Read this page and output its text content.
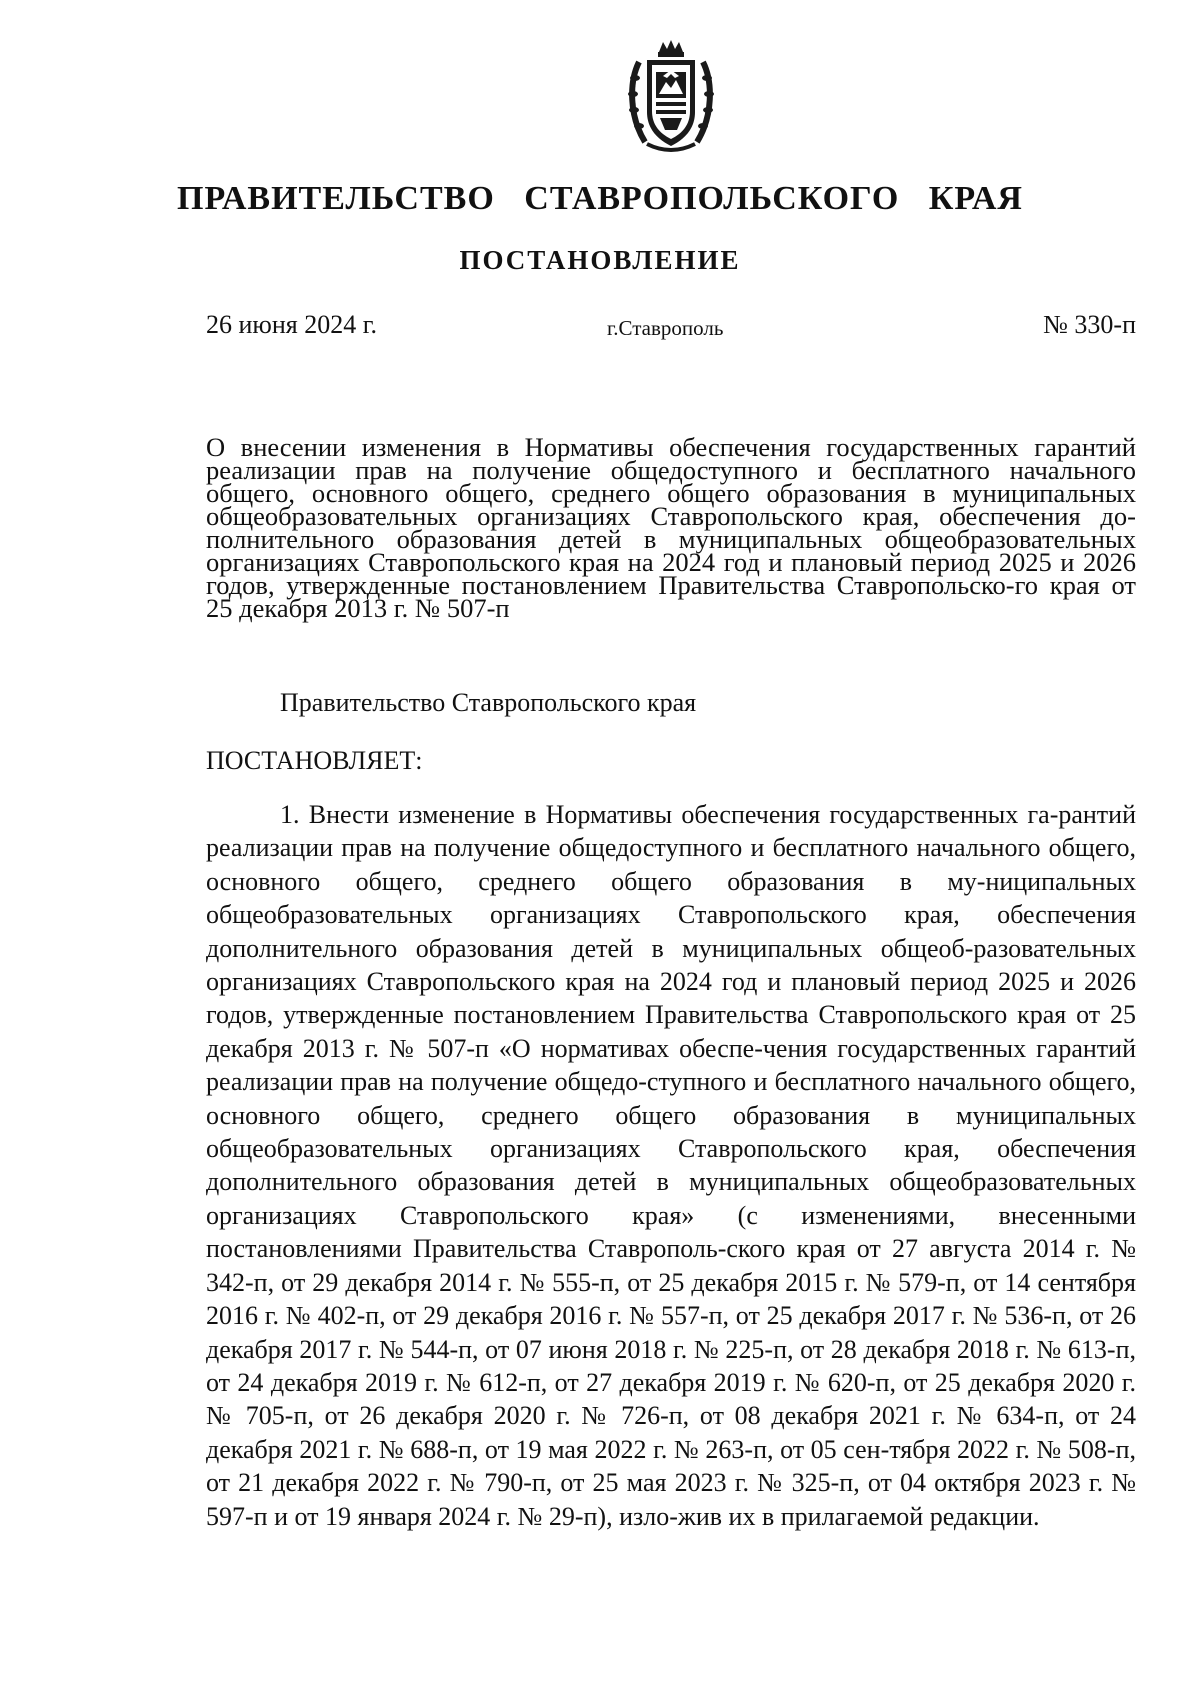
ПРАВИТЕЛЬСТВО СТАВРОПОЛЬСКОГО КРАЯ
ПОСТАНОВЛЕНИЕ
26 июня 2024 г.	г.Ставрополь	№ 330-п

О внесении изменения в Нормативы обеспечения государственных гарантий реализации прав на получение общедоступного и бесплатного начального общего, основного общего, среднего общего образования в муниципальных общеобразовательных организациях Ставропольского края, обеспечения до-полнительного образования детей в муниципальных общеобразовательных организациях Ставропольского края на 2024 год и плановый период 2025 и 2026 годов, утвержденные постановлением Правительства Ставропольско-го края от 25 декабря 2013 г. № 507-п

Правительство Ставропольского края

ПОСТАНОВЛЯЕТ:

1. Внести изменение в Нормативы обеспечения государственных га-рантий реализации прав на получение общедоступного и бесплатного начального общего, основного общего, среднего общего образования в му-ниципальных общеобразовательных организациях Ставропольского края, обеспечения дополнительного образования детей в муниципальных общеоб-разовательных организациях Ставропольского края на 2024 год и плановый период 2025 и 2026 годов, утвержденные постановлением Правительства Ставропольского края от 25 декабря 2013 г. № 507-п «О нормативах обеспе-чения государственных гарантий реализации прав на получение общедо-ступного и бесплатного начального общего, основного общего, среднего общего образования в муниципальных общеобразовательных организациях Ставропольского края, обеспечения дополнительного образования детей в муниципальных общеобразовательных организациях Ставропольского края» (с изменениями, внесенными постановлениями Правительства Ставрополь-ского края от 27 августа 2014 г. № 342-п, от 29 декабря 2014 г. № 555-п, от 25 декабря 2015 г. № 579-п, от 14 сентября 2016 г. № 402-п, от 29 декабря 2016 г. № 557-п, от 25 декабря 2017 г. № 536-п, от 26 декабря 2017 г. № 544-п, от 07 июня 2018 г. № 225-п, от 28 декабря 2018 г. № 613-п, от 24 декабря 2019 г. № 612-п, от 27 декабря 2019 г. № 620-п, от 25 декабря 2020 г. № 705-п, от 26 декабря 2020 г. № 726-п, от 08 декабря 2021 г. № 634-п, от 24 декабря 2021 г. № 688-п, от 19 мая 2022 г. № 263-п, от 05 сен-тября 2022 г. № 508-п, от 21 декабря 2022 г. № 790-п, от 25 мая 2023 г. № 325-п, от 04 октября 2023 г. № 597-п и от 19 января 2024 г. № 29-п), изло-жив их в прилагаемой редакции.
